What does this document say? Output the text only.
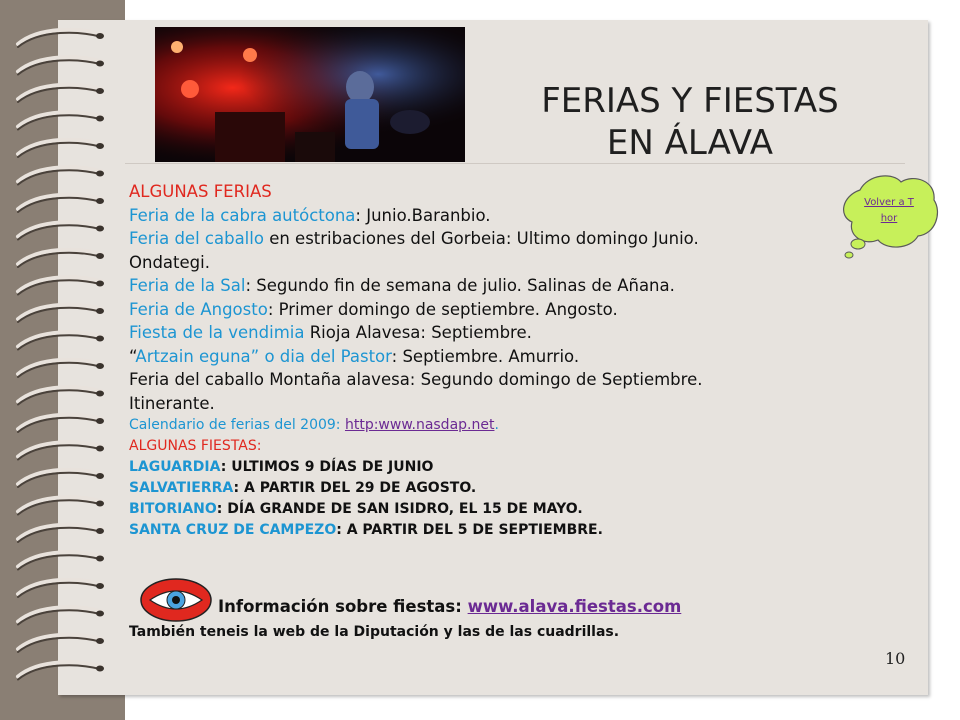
FERIAS Y FIESTAS
EN ÁLAVA
Volver a Thor
ALGUNAS FERIAS
Feria de la cabra autóctona: Junio.Baranbio.
Feria del caballo en estribaciones del Gorbeia: Ultimo domingo Junio.
Ondategi.
Feria de la Sal: Segundo fin de semana de julio. Salinas de Añana.
Feria de Angosto: Primer domingo de septiembre. Angosto.
Fiesta de la vendimia Rioja Alavesa: Septiembre.
“Artzain eguna” o dia del Pastor: Septiembre. Amurrio.
Feria del caballo Montaña alavesa: Segundo domingo de Septiembre.
Itinerante.
Calendario de ferias del 2009: http:www.nasdap.net.
ALGUNAS FIESTAS:
LAGUARDIA: ULTIMOS 9 DÍAS DE JUNIO
SALVATIERRA: A PARTIR DEL 29 DE AGOSTO.
BITORIANO: DÍA GRANDE DE SAN ISIDRO, EL 15 DE MAYO.
SANTA CRUZ DE CAMPEZO: A PARTIR DEL 5 DE SEPTIEMBRE.
Información sobre fiestas: www.alava.fiestas.com
También teneis la web de la Diputación y las de las cuadrillas.
10
